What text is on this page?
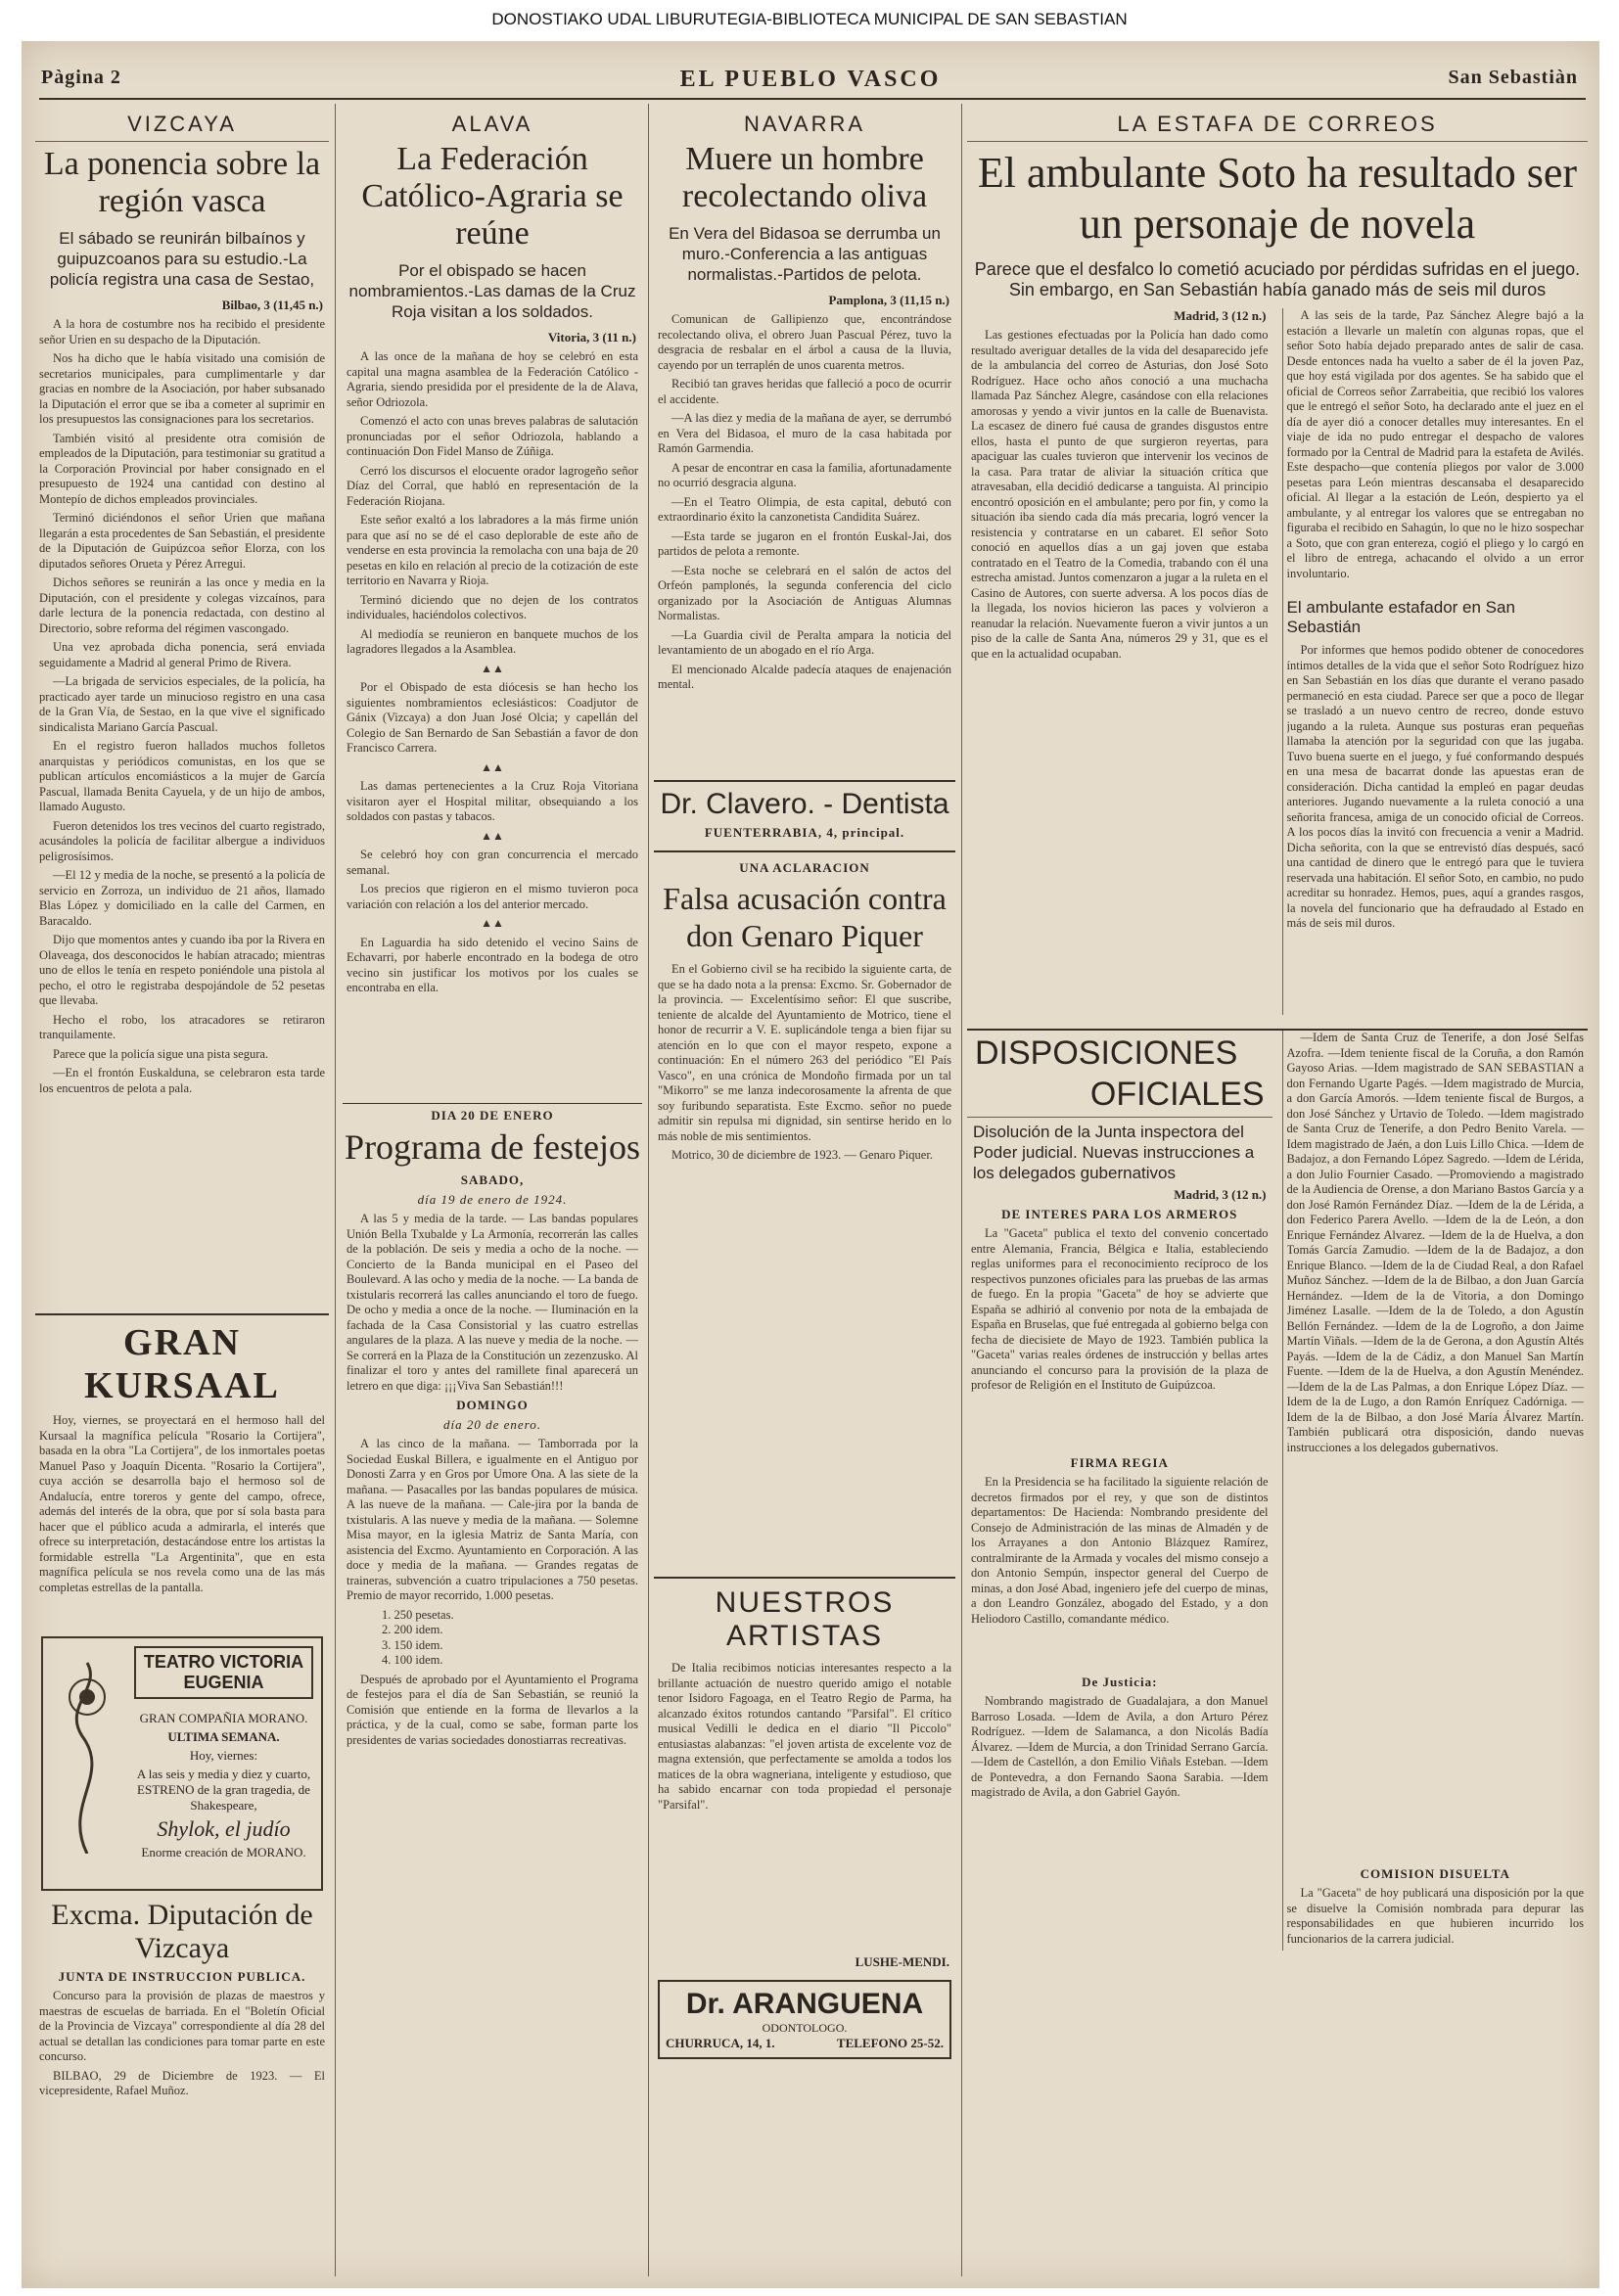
DONOSTIAKO UDAL LIBURUTEGIA-BIBLIOTECA MUNICIPAL DE SAN SEBASTIAN
Pàgina 2	EL PUEBLO VASCO	San Sebastiàn
VIZCAYA
La ponencia sobre la región vasca
El sábado se reunirán bilbaínos y guipuzcoanos para su estudio.-La policía registra una casa de Sestao,
Bilbao, 3 (11,45 n.)

A la hora de costumbre nos ha recibido el presidente señor Urien en su despacho de la Diputación.

Nos ha dicho que le había visitado una comisión de secretarios municipales, para cumplimentarle y dar gracias en nombre de la Asociación, por haber subsanado la Diputación el error que se iba a cometer al suprimir en los presupuestos las consignaciones para los secretarios.

También visitó al presidente otra comisión de empleados de la Diputación, para testimoniar su gratitud a la Corporación Provincial por haber consignado en el presupuesto de 1924 una cantidad con destino al Montepío de dichos empleados provinciales.

Terminó diciéndonos el señor Urien que mañana llegarán a esta procedentes de San Sebastián, el presidente de la Diputación de Guipúzcoa señor Elorza, con los diputados señores Orueta y Pérez Arregui.

Dichos señores se reunirán a las once y media en la Diputación, con el presidente y colegas vizcaínos, para darle lectura de la ponencia redactada, con destino al Directorio, sobre reforma del régimen vascongado.

Una vez aprobada dicha ponencia, será enviada seguidamente a Madrid al general Primo de Rivera.

—La brigada de servicios especiales, de la policía, ha practicado ayer tarde un minucioso registro en una casa de la Gran Vía, de Sestao, en la que vive el significado sindicalista Mariano García Pascual.

En el registro fueron hallados muchos folletos anarquistas y periódicos comunistas, en los que se publican artículos encomiásticos a la mujer de García Pascual, llamada Benita Cayuela, y de un hijo de ambos, llamado Augusto.

Fueron detenidos los tres vecinos del cuarto registrado, acusándoles la policía de facilitar albergue a individuos peligrosísimos.

—El 12 y media de la noche, se presentó a la policía de servicio en Zorroza, un individuo de 21 años, llamado Blas López y domiciliado en la calle del Carmen, en Baracaldo.

Dijo que momentos antes y cuando iba por la Rivera en Olaveaga, dos desconocidos le habían atracado; mientras uno de ellos le tenía en respeto poniéndole una pistola al pecho, el otro le registraba despojándole de 52 pesetas que llevaba.

Hecho el robo, los atracadores se retiraron tranquilamente.

Parece que la policía sigue una pista segura.

—En el frontón Euskalduna, se celebraron esta tarde los encuentros de pelota a pala.

GRAN KURSAAL

Hoy, viernes, se proyectará en el hermoso hall del Kursaal la magnífica película "Rosario la Cortijera", basada en la obra "La Cortijera", de los inmortales poetas Manuel Paso y Joaquín Dicenta. "Rosario la Cortijera", cuya acción se desarrolla bajo el hermoso sol de Andalucía, entre toreros y gente del campo, ofrece, además del interés de la obra, que por sí sola basta para hacer que el público acuda a admirarla, el interés que ofrece su interpretación, destacándose entre los artistas la formidable estrella "La Argentinita", que en esta magnífica película se nos revela como una de las más completas estrellas de la pantalla.

TEATRO VICTORIA EUGENIA
GRAN COMPAÑIA MORANO.
ULTIMA SEMANA.
Hoy, viernes:
A las seis y media y diez y cuarto, ESTRENO de la gran tragedia, de Shakespeare,
Shylok, el judío
Enorme creación de MORANO.
Excma. Diputación de Vizcaya
JUNTA DE INSTRUCCION PUBLICA.

Concurso para la provisión de plazas de maestros y maestras de escuelas de barriada. En el "Boletín Oficial de la Provincia de Vizcaya" correspondiente al día 28 del actual se detallan las condiciones para tomar parte en este concurso.

BILBAO, 29 de Diciembre de 1923. — El vicepresidente, Rafael Muñoz.

ALAVA
La Federación Católico-Agraria se reúne
Por el obispado se hacen nombramientos.-Las damas de la Cruz Roja visitan a los soldados.
Vitoria, 3 (11 n.)

A las once de la mañana de hoy se celebró en esta capital una magna asamblea de la Federación Católico - Agraria, siendo presidida por el presidente de la de Alava, señor Odriozola.

Comenzó el acto con unas breves palabras de salutación pronunciadas por el señor Odriozola, hablando a continuación Don Fidel Manso de Zúñiga.

Cerró los discursos el elocuente orador lagrogeño señor Díaz del Corral, que habló en representación de la Federación Riojana.

Este señor exaltó a los labradores a la más firme unión para que así no se dé el caso deplorable de este año de venderse en esta provincia la remolacha con una baja de 20 pesetas en kilo en relación al precio de la cotización de este territorio en Navarra y Rioja.

Terminó diciendo que no dejen de los contratos individuales, haciéndolos colectivos.

Al mediodía se reunieron en banquete muchos de los lagradores llegados a la Asamblea.

▲▲

Por el Obispado de esta diócesis se han hecho los siguientes nombramientos eclesiásticos: Coadjutor de Gánix (Vizcaya) a don Juan José Olcia; y capellán del Colegio de San Bernardo de San Sebastián a favor de don Francisco Carrera.

▲▲

Las damas pertenecientes a la Cruz Roja Vitoriana visitaron ayer el Hospital militar, obsequiando a los soldados con pastas y tabacos.

▲▲

Se celebró hoy con gran concurrencia el mercado semanal.

Los precios que rigieron en el mismo tuvieron poca variación con relación a los del anterior mercado.

▲▲

En Laguardia ha sido detenido el vecino Sains de Echavarri, por haberle encontrado en la bodega de otro vecino sin justificar los motivos por los cuales se encontraba en ella.

DIA 20 DE ENERO
Programa de festejos
SABADO,
día 19 de enero de 1924.

A las 5 y media de la tarde. — Las bandas populares Unión Bella Txubalde y La Armonía, recorrerán las calles de la población. De seis y media a ocho de la noche. — Concierto de la Banda municipal en el Paseo del Boulevard. A las ocho y media de la noche. — La banda de txistularis recorrerá las calles anunciando el toro de fuego. De ocho y media a once de la noche. — Iluminación en la fachada de la Casa Consistorial y las cuatro estrellas angulares de la plaza. A las nueve y media de la noche. — Se correrá en la Plaza de la Constitución un zezenzusko. Al finalizar el toro y antes del ramillete final aparecerá un letrero en que diga: ¡¡¡Viva San Sebastián!!!

DOMINGO
día 20 de enero.

A las cinco de la mañana. — Tamborrada por la Sociedad Euskal Billera, e igualmente en el Antiguo por Donosti Zarra y en Gros por Umore Ona. A las siete de la mañana. — Pasacalles por las bandas populares de música. A las nueve de la mañana. — Cale-jira por la banda de txistularis. A las nueve y media de la mañana. — Solemne Misa mayor, en la iglesia Matriz de Santa María, con asistencia del Excmo. Ayuntamiento en Corporación. A las doce y media de la mañana. — Grandes regatas de traineras, subvención a cuatro tripulaciones a 750 pesetas. Premio de mayor recorrido, 1.000 pesetas.

1. 250 pesetas.
2. 200 idem.
3. 150 idem.
4. 100 idem.

Después de aprobado por el Ayuntamiento el Programa de festejos para el día de San Sebastián, se reunió la Comisión que entiende en la forma de llevarlos a la práctica, y de la cual, como se sabe, forman parte los presidentes de varias sociedades donostiarras recreativas.

NAVARRA
Muere un hombre recolectando oliva
En Vera del Bidasoa se derrumba un muro.-Conferencia a las antiguas normalistas.-Partidos de pelota.
Pamplona, 3 (11,15 n.)

Comunican de Gallipienzo que, encontrándose recolectando oliva, el obrero Juan Pascual Pérez, tuvo la desgracia de resbalar en el árbol a causa de la lluvia, cayendo por un terraplén de unos cuarenta metros.

Recibió tan graves heridas que falleció a poco de ocurrir el accidente.

—A las diez y media de la mañana de ayer, se derrumbó en Vera del Bidasoa, el muro de la casa habitada por Ramón Garmendia.

A pesar de encontrar en casa la familia, afortunadamente no ocurrió desgracia alguna.

—En el Teatro Olimpia, de esta capital, debutó con extraordinario éxito la canzonetista Candidita Suárez.

—Esta tarde se jugaron en el frontón Euskal-Jai, dos partidos de pelota a remonte.

—Esta noche se celebrará en el salón de actos del Orfeón pamplonés, la segunda conferencia del ciclo organizado por la Asociación de Antiguas Alumnas Normalistas.

—La Guardia civil de Peralta ampara la noticia del levantamiento de un abogado en el río Arga.

El mencionado Alcalde padecía ataques de enajenación mental.

Dr. Clavero. - Dentista
FUENTERRABIA, 4, principal.
UNA ACLARACION
Falsa acusación contra don Genaro Piquer

En el Gobierno civil se ha recibido la siguiente carta, de que se ha dado nota a la prensa: Excmo. Sr. Gobernador de la provincia. — Excelentísimo señor: El que suscribe, teniente de alcalde del Ayuntamiento de Motrico, tiene el honor de recurrir a V. E. suplicándole tenga a bien fijar su atención en lo que con el mayor respeto, expone a continuación: En el número 263 del periódico "El País Vasco", en una crónica de Mondoño firmada por un tal "Mikorro" se me lanza indecorosamente la afrenta de que soy furibundo separatista. Este Excmo. señor no puede admitir sin repulsa mi dignidad, sin sentirse herido en lo más noble de mis sentimientos.

Motrico, 30 de diciembre de 1923. — Genaro Piquer.

NUESTROS ARTISTAS

De Italia recibimos noticias interesantes respecto a la brillante actuación de nuestro querido amigo el notable tenor Isidoro Fagoaga, en el Teatro Regio de Parma, ha alcanzado éxitos rotundos cantando "Parsifal". El crítico musical Vedilli le dedica en el diario "Il Piccolo" entusiastas alabanzas: "el joven artista de excelente voz de magna extensión, que perfectamente se amolda a todos los matices de la obra wagneriana, inteligente y estudioso, que ha sabido encarnar con toda propiedad el personaje "Parsifal".

LUSHE-MENDI.
Dr. ARANGUENA
ODONTOLOGO.
CHURRUCA, 14, 1.	TELEFONO 25-52.
LA ESTAFA DE CORREOS
El ambulante Soto ha resultado ser un personaje de novela
Parece que el desfalco lo cometió acuciado por pérdidas sufridas en el juego. Sin embargo, en San Sebastián había ganado más de seis mil duros
Madrid, 3 (12 n.)

Las gestiones efectuadas por la Policía han dado como resultado averiguar detalles de la vida del desaparecido jefe de la ambulancia del correo de Asturias, don José Soto Rodríguez. Hace ocho años conoció a una muchacha llamada Paz Sánchez Alegre, casándose con ella relaciones amorosas y yendo a vivir juntos en la calle de Buenavista. La escasez de dinero fué causa de grandes disgustos entre ellos, hasta el punto de que surgieron reyertas, para apaciguar las cuales tuvieron que intervenir los vecinos de la casa. Para tratar de aliviar la situación crítica que atravesaban, ella decidió dedicarse a tanguista. Al principio encontró oposición en el ambulante; pero por fin, y como la situación iba siendo cada día más precaria, logró vencer la resistencia y contratarse en un cabaret. El señor Soto conoció en aquellos días a un gaj joven que estaba contratado en el Teatro de la Comedia, trabando con él una estrecha amistad. Juntos comenzaron a jugar a la ruleta en el Casino de Autores, con suerte adversa. A los pocos días de la llegada, los novios hicieron las paces y volvieron a reanudar la relación. Nuevamente fueron a vivir juntos a un piso de la calle de Santa Ana, números 29 y 31, que es el que en la actualidad ocupaban.

A las seis de la tarde, Paz Sánchez Alegre bajó a la estación a llevarle un maletín con algunas ropas, que el señor Soto había dejado preparado antes de salir de casa. Desde entonces nada ha vuelto a saber de él la joven Paz, que hoy está vigilada por dos agentes. Se ha sabido que el oficial de Correos señor Zarrabeitia, que recibió los valores que le entregó el señor Soto, ha declarado ante el juez en el día de ayer dió a conocer detalles muy interesantes. En el viaje de ida no pudo entregar el despacho de valores formado por la Central de Madrid para la estafeta de Avilés. Este despacho—que contenía pliegos por valor de 3.000 pesetas para León mientras descansaba el desaparecido oficial. Al llegar a la estación de León, despierto ya el ambulante, y al entregar los valores que se entregaban no figuraba el recibido en Sahagún, lo que no le hizo sospechar a Soto, que con gran entereza, cogió el pliego y lo cargó en el libro de entrega, achacando el olvido a un error involuntario.

El ambulante estafador en San Sebastián

Por informes que hemos podido obtener de conocedores íntimos detalles de la vida que el señor Soto Rodríguez hizo en San Sebastián en los días que durante el verano pasado permaneció en esta ciudad. Parece ser que a poco de llegar se trasladó a un nuevo centro de recreo, donde estuvo jugando a la ruleta. Aunque sus posturas eran pequeñas llamaba la atención por la seguridad con que las jugaba. Tuvo buena suerte en el juego, y fué conformando después en una mesa de bacarrat donde las apuestas eran de consideración. Dicha cantidad la empleó en pagar deudas anteriores. Jugando nuevamente a la ruleta conoció a una señorita francesa, amiga de un conocido oficial de Correos. A los pocos días la invitó con frecuencia a venir a Madrid. Dicha señorita, con la que se entrevistó días después, sacó una cantidad de dinero que le entregó para que le tuviera reservada una habitación. El señor Soto, en cambio, no pudo acreditar su honradez. Hemos, pues, aquí a grandes rasgos, la novela del funcionario que ha defraudado al Estado en más de seis mil duros.

DISPOSICIONES
OFICIALES
Disolución de la Junta inspectora del Poder judicial. Nuevas instrucciones a los delegados gubernativos
Madrid, 3 (12 n.)
DE INTERES PARA LOS ARMEROS

La "Gaceta" publica el texto del convenio concertado entre Alemania, Francia, Bélgica e Italia, estableciendo reglas uniformes para el reconocimiento recíproco de los respectivos punzones oficiales para las pruebas de las armas de fuego. En la propia "Gaceta" de hoy se advierte que España se adhirió al convenio por nota de la embajada de España en Bruselas, que fué entregada al gobierno belga con fecha de diecisiete de Mayo de 1923. También publica la "Gaceta" varias reales órdenes de instrucción y bellas artes anunciando el concurso para la provisión de la plaza de profesor de Religión en el Instituto de Guipúzcoa.

FIRMA REGIA

En la Presidencia se ha facilitado la siguiente relación de decretos firmados por el rey, y que son de distintos departamentos: De Hacienda: Nombrando presidente del Consejo de Administración de las minas de Almadén y de los Arrayanes a don Antonio Blázquez Ramírez, contralmirante de la Armada y vocales del mismo consejo a don Antonio Sempún, inspector general del Cuerpo de minas, a don José Abad, ingeniero jefe del cuerpo de minas, a don Leandro González, abogado del Estado, y a don Heliodoro Castillo, comandante médico.

De Justicia:

Nombrando magistrado de Guadalajara, a don Manuel Barroso Losada. —Idem de Avila, a don Arturo Pérez Rodríguez. —Idem de Salamanca, a don Nicolás Badía Álvarez. —Idem de Murcia, a don Trinidad Serrano García. —Idem de Castellón, a don Emilio Viñals Esteban. —Idem de Pontevedra, a don Fernando Saona Sarabia. —Idem magistrado de Avila, a don Gabriel Gayón.

—Idem de Santa Cruz de Tenerife, a don José Selfas Azofra. —Idem teniente fiscal de la Coruña, a don Ramón Gayoso Arias. —Idem magistrado de SAN SEBASTIAN a don Fernando Ugarte Pagés. —Idem magistrado de Murcia, a don García Amorós. —Idem teniente fiscal de Burgos, a don José Sánchez y Urtavio de Toledo. —Idem magistrado de Santa Cruz de Tenerife, a don Pedro Benito Varela. —Idem magistrado de Jaén, a don Luis Lillo Chica. —Idem de Badajoz, a don Fernando López Sagredo. —Idem de Lérida, a don Julio Fournier Casado. —Promoviendo a magistrado de la Audiencia de Orense, a don Mariano Bastos García y a don José Ramón Fernández Díaz. —Idem de la de Lérida, a don Federico Parera Avello. —Idem de la de León, a don Enrique Fernández Alvarez. —Idem de la de Huelva, a don Tomás García Zamudio. —Idem de la de Badajoz, a don Enrique Blanco. —Idem de la de Ciudad Real, a don Rafael Muñoz Sánchez. —Idem de la de Bilbao, a don Juan García Hernández. —Idem de la de Vitoria, a don Domingo Jiménez Lasalle. —Idem de la de Toledo, a don Agustín Bellón Fernández. —Idem de la de Logroño, a don Jaime Martín Viñals. —Idem de la de Gerona, a don Agustín Altés Payás. —Idem de la de Cádiz, a don Manuel San Martín Fuente. —Idem de la de Huelva, a don Agustín Menéndez. —Idem de la de Las Palmas, a don Enrique López Díaz. —Idem de la de Lugo, a don Ramón Enríquez Cadórniga. —Idem de la de Bilbao, a don José María Álvarez Martín. También publicará otra disposición, dando nuevas instrucciones a los delegados gubernativos.

COMISION DISUELTA

La "Gaceta" de hoy publicará una disposición por la que se disuelve la Comisión nombrada para depurar las responsabilidades en que hubieren incurrido los funcionarios de la carrera judicial.
